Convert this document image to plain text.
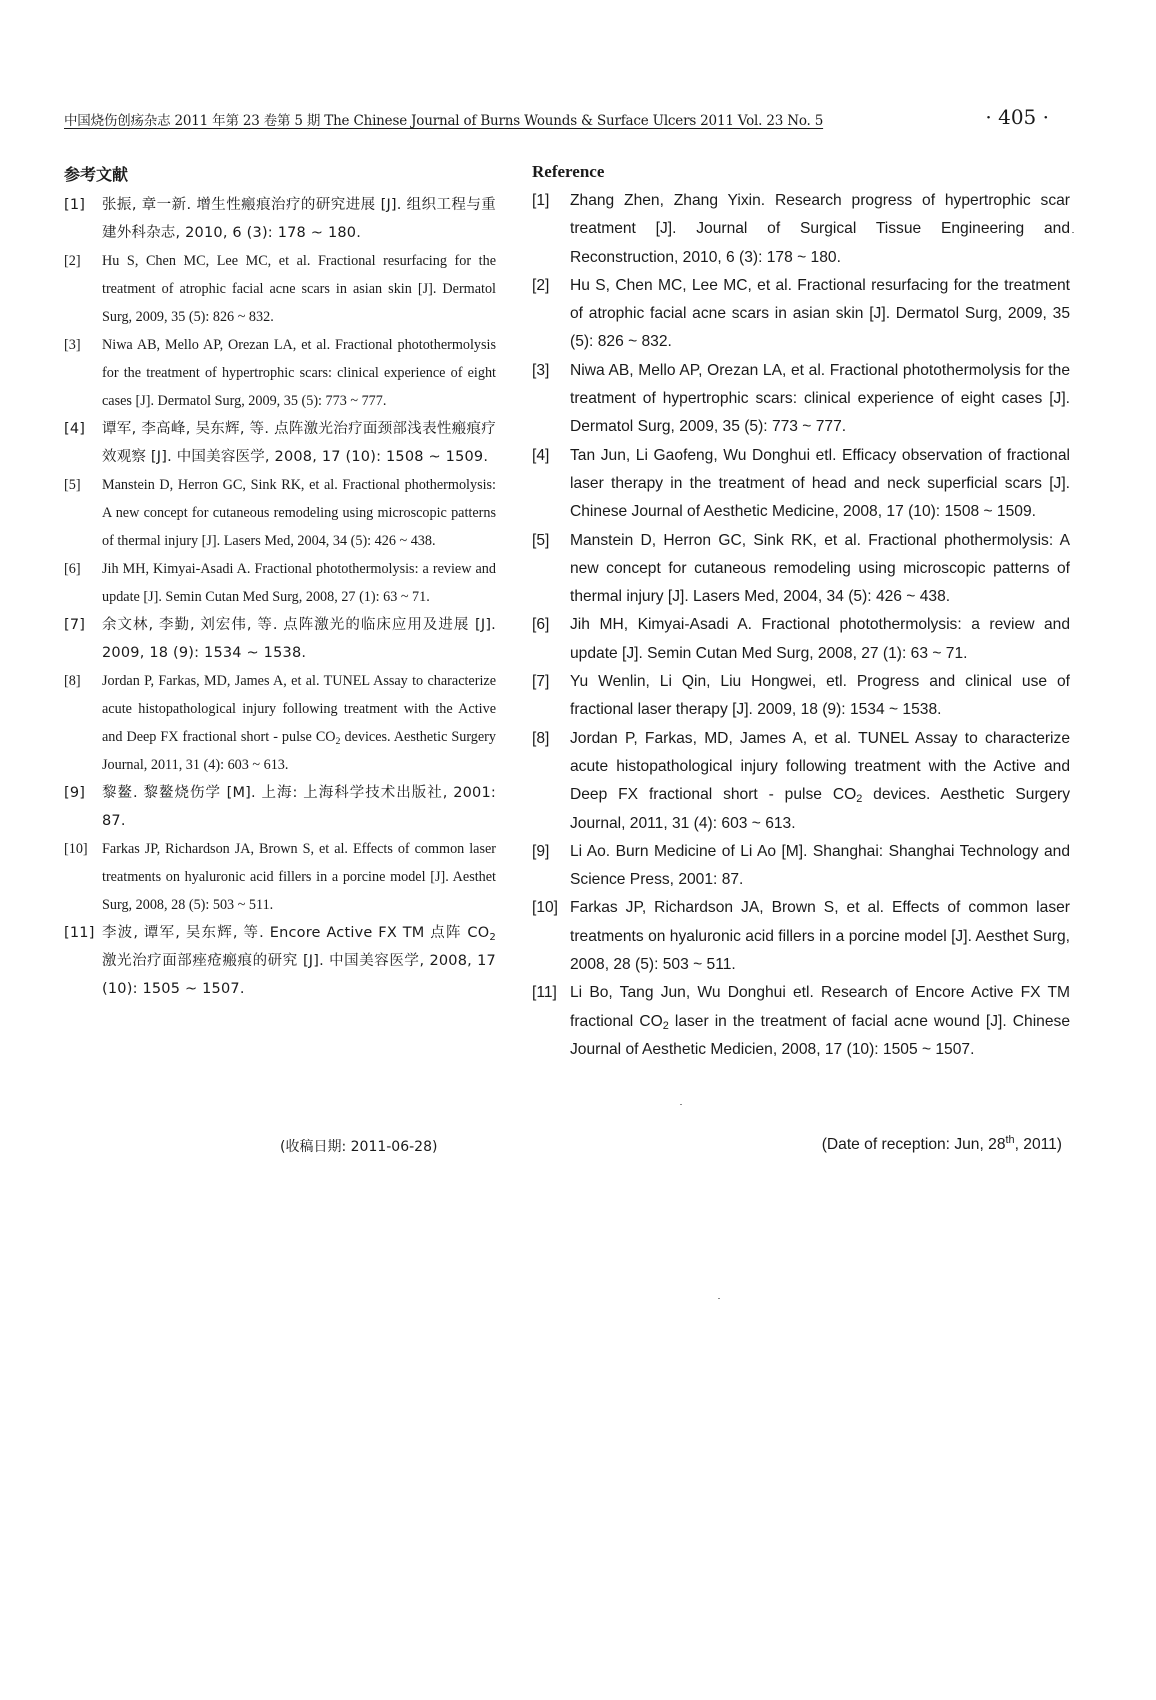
中国烧伤创疡杂志 2011 年第 23 卷第 5 期 The Chinese Journal of Burns Wounds & Surface Ulcers 2011 Vol. 23 No. 5	· 405 ·
参考文献
[1] 张振, 章一新. 增生性瘢痕治疗的研究进展 [J]. 组织工程与重建外科杂志, 2010, 6 (3): 178 ~ 180.
[2] Hu S, Chen MC, Lee MC, et al. Fractional resurfacing for the treatment of atrophic facial acne scars in asian skin [J]. Dermatol Surg, 2009, 35 (5): 826 ~ 832.
[3] Niwa AB, Mello AP, Orezan LA, et al. Fractional photothermolysis for the treatment of hypertrophic scars: clinical experience of eight cases [J]. Dermatol Surg, 2009, 35 (5): 773 ~ 777.
[4] 谭军, 李高峰, 吴东辉, 等. 点阵激光治疗面颈部浅表性瘢痕疗效观察 [J]. 中国美容医学, 2008, 17 (10): 1508 ~ 1509.
[5] Manstein D, Herron GC, Sink RK, et al. Fractional phothermolysis: A new concept for cutaneous remodeling using microscopic patterns of thermal injury [J]. Lasers Med, 2004, 34 (5): 426 ~ 438.
[6] Jih MH, Kimyai-Asadi A. Fractional photothermolysis: a review and update [J]. Semin Cutan Med Surg, 2008, 27 (1): 63 ~ 71.
[7] 余文林, 李勤, 刘宏伟, 等. 点阵激光的临床应用及进展 [J]. 2009, 18 (9): 1534 ~ 1538.
[8] Jordan P, Farkas, MD, James A, et al. TUNEL Assay to characterize acute histopathological injury following treatment with the Active and Deep FX fractional short - pulse $CO_2$ devices. Aesthetic Surgery Journal, 2011, 31 (4): 603 ~ 613.
[9] 黎鳌. 黎鳌烧伤学 [M]. 上海: 上海科学技术出版社, 2001: 87.
[10] Farkas JP, Richardson JA, Brown S, et al. Effects of common laser treatments on hyaluronic acid fillers in a porcine model [J]. Aesthet Surg, 2008, 28 (5): 503 ~ 511.
[11] 李波, 谭军, 吴东辉, 等. Encore Active FX TM 点阵 $CO_2$ 激光治疗面部痤疮瘢痕的研究 [J]. 中国美容医学, 2008, 17 (10): 1505 ~ 1507.
Reference
[1] Zhang Zhen, Zhang Yixin. Research progress of hypertrophic scar treatment [J]. Journal of Surgical Tissue Engineering and Reconstruction, 2010, 6 (3): 178 ~ 180.
[2] Hu S, Chen MC, Lee MC, et al. Fractional resurfacing for the treatment of atrophic facial acne scars in asian skin [J]. Dermatol Surg, 2009, 35 (5): 826 ~ 832.
[3] Niwa AB, Mello AP, Orezan LA, et al. Fractional photothermolysis for the treatment of hypertrophic scars: clinical experience of eight cases [J]. Dermatol Surg, 2009, 35 (5): 773 ~ 777.
[4] Tan Jun, Li Gaofeng, Wu Donghui etl. Efficacy observation of fractional laser therapy in the treatment of head and neck superficial scars [J]. Chinese Journal of Aesthetic Medicine, 2008, 17 (10): 1508 ~ 1509.
[5] Manstein D, Herron GC, Sink RK, et al. Fractional phothermolysis: A new concept for cutaneous remodeling using microscopic patterns of thermal injury [J]. Lasers Med, 2004, 34 (5): 426 ~ 438.
[6] Jih MH, Kimyai-Asadi A. Fractional photothermolysis: a review and update [J]. Semin Cutan Med Surg, 2008, 27 (1): 63 ~ 71.
[7] Yu Wenlin, Li Qin, Liu Hongwei, etl. Progress and clinical use of fractional laser therapy [J]. 2009, 18 (9): 1534 ~ 1538.
[8] Jordan P, Farkas, MD, James A, et al. TUNEL Assay to characterize acute histopathological injury following treatment with the Active and Deep FX fractional short - pulse $CO_2$ devices. Aesthetic Surgery Journal, 2011, 31 (4): 603 ~ 613.
[9] Li Ao. Burn Medicine of Li Ao [M]. Shanghai: Shanghai Technology and Science Press, 2001: 87.
[10] Farkas JP, Richardson JA, Brown S, et al. Effects of common laser treatments on hyaluronic acid fillers in a porcine model [J]. Aesthet Surg, 2008, 28 (5): 503 ~ 511.
[11] Li Bo, Tang Jun, Wu Donghui etl. Research of Encore Active FX TM fractional $CO_2$ laser in the treatment of facial acne wound [J]. Chinese Journal of Aesthetic Medicien, 2008, 17 (10): 1505 ~ 1507.
(收稿日期: 2011-06-28)	(Date of reception: Jun, 28th, 2011)
